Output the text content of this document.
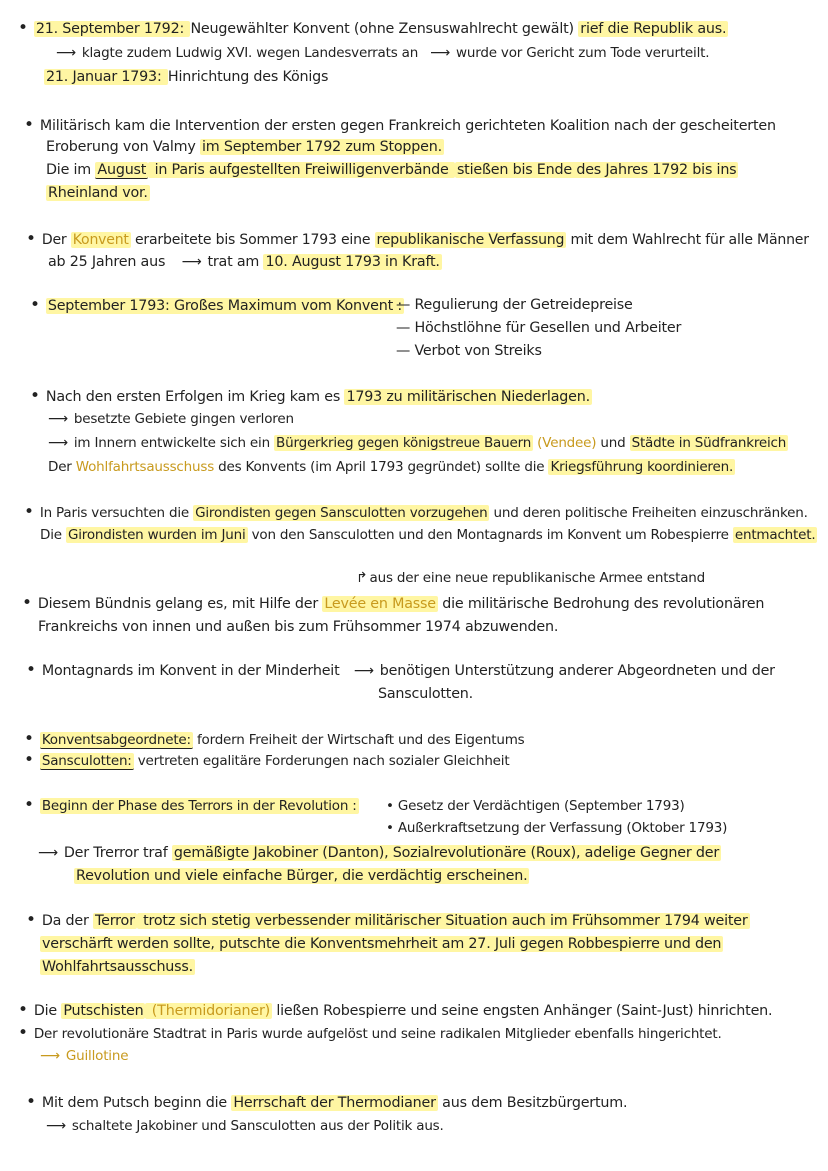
• 21. September 1792: Neugewählter Konvent (ohne Zensuswahlrecht gewält) rief die Republik aus.
⟶ klagte zudem Ludwig XVI. wegen Landesverrats an ⟶ wurde vor Gericht zum Tode verurteilt.
21. Januar 1793: Hinrichtung des Königs
• Militärisch kam die Intervention der ersten gegen Frankreich gerichteten Koalition nach der gescheiterten
Eroberung von Valmy im September 1792 zum Stoppen.
Die im August in Paris aufgestellten Freiwilligenverbände stießen bis Ende des Jahres 1792 bis ins
Rheinland vor.
• Der Konvent erarbeitete bis Sommer 1793 eine republikanische Verfassung mit dem Wahlrecht für alle Männer
ab 25 Jahren aus ⟶ trat am 10. August 1793 in Kraft.
• September 1793: Großes Maximum vom Konvent :
— Regulierung der Getreidepreise
— Höchstlöhne für Gesellen und Arbeiter
— Verbot von Streiks
• Nach den ersten Erfolgen im Krieg kam es 1793 zu militärischen Niederlagen.
⟶ besetzte Gebiete gingen verloren
⟶ im Innern entwickelte sich ein Bürgerkrieg gegen königstreue Bauern (Vendee) und Städte in Südfrankreich
Der Wohlfahrtsausschuss des Konvents (im April 1793 gegründet) sollte die Kriegsführung koordinieren.
• In Paris versuchten die Girondisten gegen Sansculotten vorzugehen und deren politische Freiheiten einzuschränken.
Die Girondisten wurden im Juni von den Sansculotten und den Montagnards im Konvent um Robespierre entmachtet.
↱ aus der eine neue republikanische Armee entstand
• Diesem Bündnis gelang es, mit Hilfe der Levée en Masse die militärische Bedrohung des revolutionären
Frankreichs von innen und außen bis zum Frühsommer 1974 abzuwenden.
• Montagnards im Konvent in der Minderheit ⟶ benötigen Unterstützung anderer Abgeordneten und der
Sansculotten.
• Konventsabgeordnete: fordern Freiheit der Wirtschaft und des Eigentums
• Sansculotten: vertreten egalitäre Forderungen nach sozialer Gleichheit
• Beginn der Phase des Terrors in der Revolution : • Gesetz der Verdächtigen (September 1793)
• Außerkraftsetzung der Verfassung (Oktober 1793)
⟶ Der Trerror traf gemäßigte Jakobiner (Danton), Sozialrevolutionäre (Roux), adelige Gegner der
Revolution und viele einfache Bürger, die verdächtig erscheinen.
• Da der Terror trotz sich stetig verbessender militärischer Situation auch im Frühsommer 1794 weiter
verschärft werden sollte, putschte die Konventsmehrheit am 27. Juli gegen Robbespierre und den
Wohlfahrtsausschuss.
• Die Putschisten (Thermidorianer) ließen Robespierre und seine engsten Anhänger (Saint-Just) hinrichten.
• Der revolutionäre Stadtrat in Paris wurde aufgelöst und seine radikalen Mitglieder ebenfalls hingerichtet.
⟶ Guillotine
• Mit dem Putsch beginn die Herrschaft der Thermodianer aus dem Besitzbürgertum.
⟶ schaltete Jakobiner und Sansculotten aus der Politik aus.
